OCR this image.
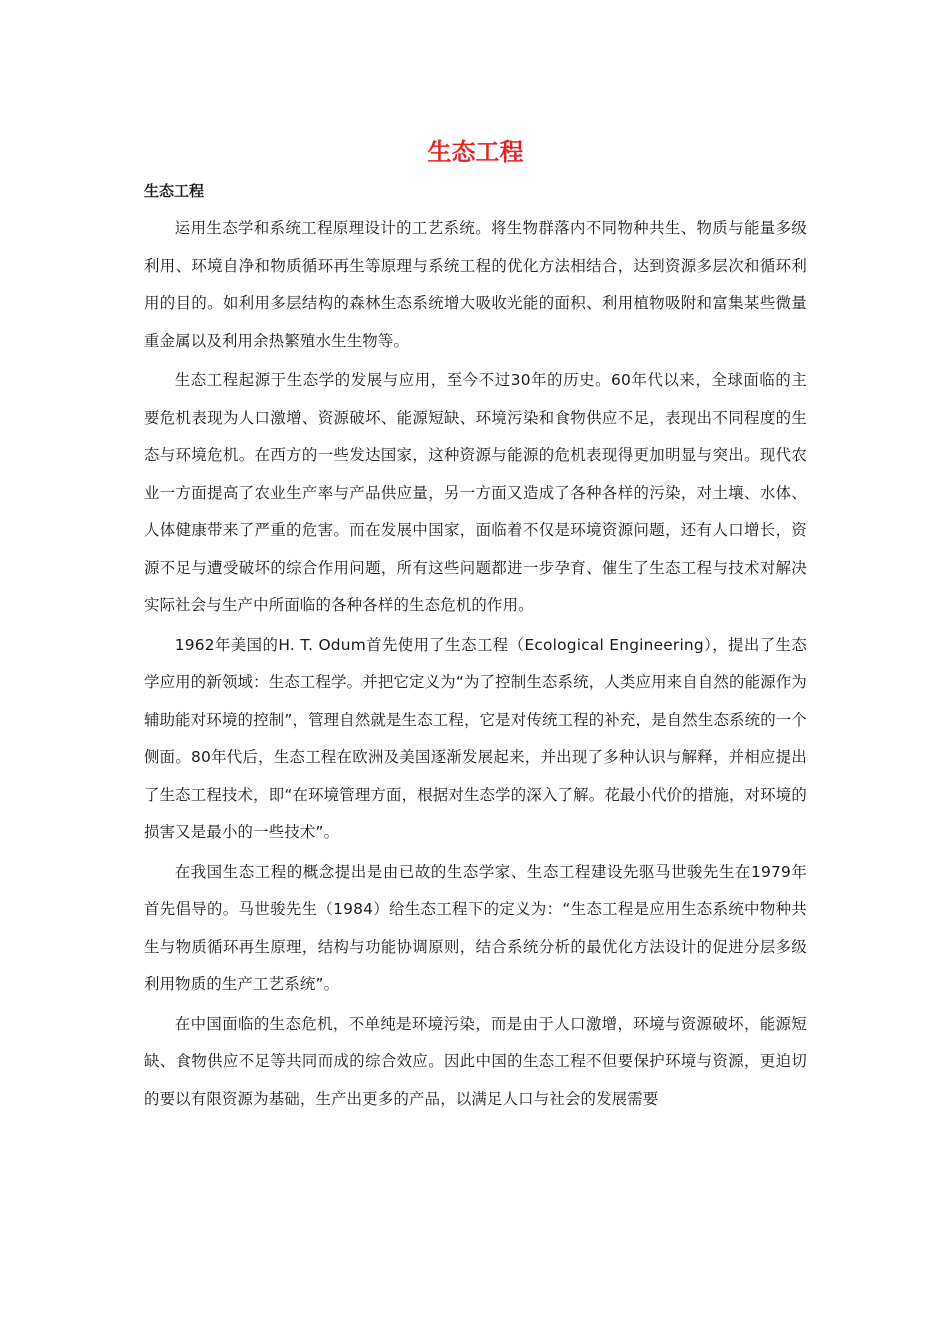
生态工程
生态工程

运用生态学和系统工程原理设计的工艺系统。将生物群落内不同物种共生、物质与能量多级利用、环境自净和物质循环再生等原理与系统工程的优化方法相结合，达到资源多层次和循环利用的目的。如利用多层结构的森林生态系统增大吸收光能的面积、利用植物吸附和富集某些微量重金属以及利用余热繁殖水生生物等。

生态工程起源于生态学的发展与应用，至今不过30年的历史。60年代以来，全球面临的主要危机表现为人口激增、资源破坏、能源短缺、环境污染和食物供应不足，表现出不同程度的生态与环境危机。在西方的一些发达国家，这种资源与能源的危机表现得更加明显与突出。现代农业一方面提高了农业生产率与产品供应量，另一方面又造成了各种各样的污染，对土壤、水体、人体健康带来了严重的危害。而在发展中国家，面临着不仅是环境资源问题，还有人口增长，资源不足与遭受破坏的综合作用问题，所有这些问题都进一步孕育、催生了生态工程与技术对解决实际社会与生产中所面临的各种各样的生态危机的作用。

1962年美国的H. T. Odum首先使用了生态工程（Ecological Engineering），提出了生态学应用的新领域：生态工程学。并把它定义为“为了控制生态系统，人类应用来自自然的能源作为辅助能对环境的控制”，管理自然就是生态工程，它是对传统工程的补充，是自然生态系统的一个侧面。80年代后，生态工程在欧洲及美国逐渐发展起来，并出现了多种认识与解释，并相应提出了生态工程技术，即“在环境管理方面，根据对生态学的深入了解。花最小代价的措施，对环境的损害又是最小的一些技术”。

在我国生态工程的概念提出是由已故的生态学家、生态工程建设先驱马世骏先生在1979年首先倡导的。马世骏先生（1984）给生态工程下的定义为：“生态工程是应用生态系统中物种共生与物质循环再生原理，结构与功能协调原则，结合系统分析的最优化方法设计的促进分层多级利用物质的生产工艺系统”。

在中国面临的生态危机，不单纯是环境污染，而是由于人口激增，环境与资源破坏，能源短缺、食物供应不足等共同而成的综合效应。因此中国的生态工程不但要保护环境与资源，更迫切的要以有限资源为基础，生产出更多的产品，以满足人口与社会的发展需要
